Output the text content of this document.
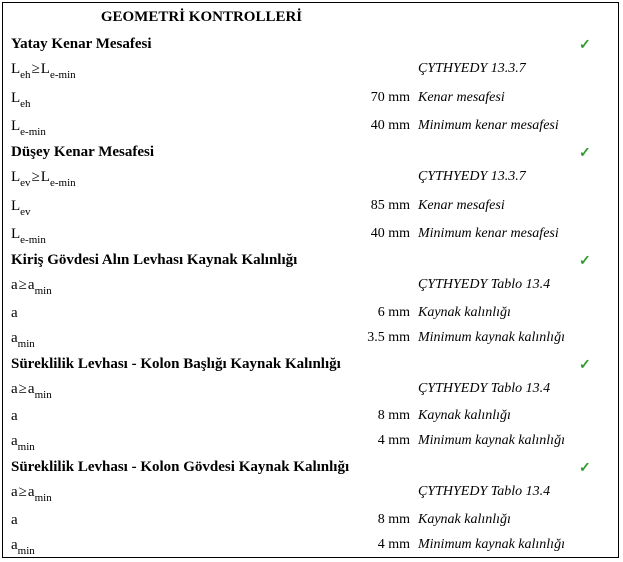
GEOMETRİ KONTROLLERİ
Yatay Kenar Mesafesi	✓
$L_{eh}\ge L_{e-min}$	ÇYTHYEDY 13.3.7
$L_{eh}$	70 mm Kenar mesafesi
$L_{e-min}$	40 mm Minimum kenar mesafesi
Düşey Kenar Mesafesi	✓
$L_{ev}\ge L_{e-min}$	ÇYTHYEDY 13.3.7
$L_{ev}$	85 mm Kenar mesafesi
$L_{e-min}$	40 mm Minimum kenar mesafesi
Kiriş Gövdesi Alın Levhası Kaynak Kalınlığı	✓
$a\ge a_{min}$	ÇYTHYEDY Tablo 13.4
a	6 mm Kaynak kalınlığı
$a_{min}$	3.5 mm Minimum kaynak kalınlığı
Süreklilik Levhası - Kolon Başlığı Kaynak Kalınlığı	✓
$a\ge a_{min}$	ÇYTHYEDY Tablo 13.4
a	8 mm Kaynak kalınlığı
$a_{min}$	4 mm Minimum kaynak kalınlığı
Süreklilik Levhası - Kolon Gövdesi Kaynak Kalınlığı	✓
$a\ge a_{min}$	ÇYTHYEDY Tablo 13.4
a	8 mm Kaynak kalınlığı
$a_{min}$	4 mm Minimum kaynak kalınlığı
